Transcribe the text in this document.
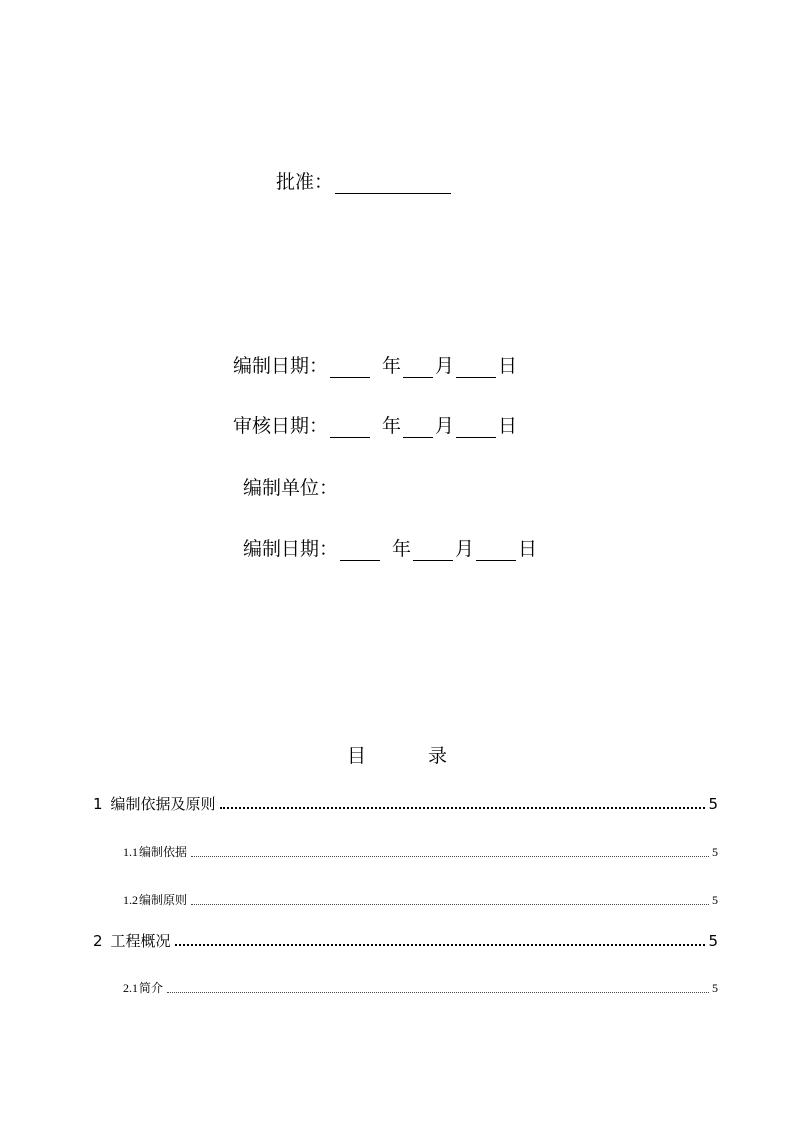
批准：
编制日期：	年 月 日
审核日期：	年 月 日
编制单位：
编制日期：	年 月 日
目	录
1 编制依据及原则	5
1.1 编制依据	5
1.2 编制原则	5
2 工程概况	5
2.1 简介	5
